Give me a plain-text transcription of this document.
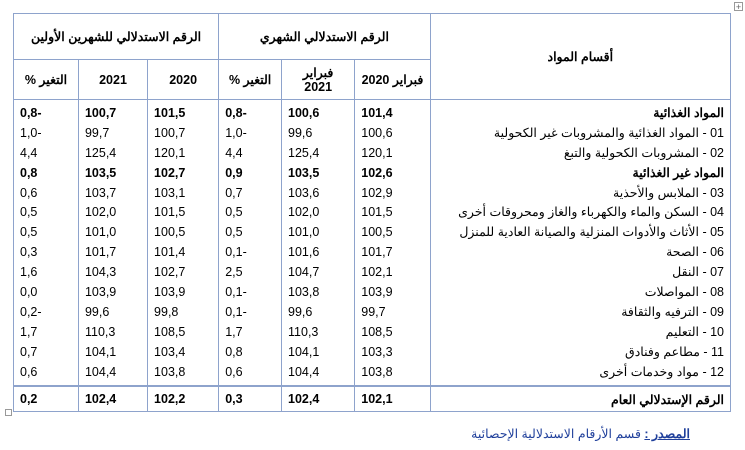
+
أقسام المواد	الرقم الاستدلالي الشهري			الرقم الاستدلالي للشهرين الأولين		
	فبراير 2020	فبراير 2021	التغير %	2020	2021	التغير %
المواد الغذائية	101,4	100,6	-0,8	101,5	100,7	-0,8
01 - المواد الغذائية والمشروبات غير الكحولية	100,6	99,6	-1,0	100,7	99,7	-1,0
02 - المشروبات الكحولية والتبغ	120,1	125,4	4,4	120,1	125,4	4,4
المواد غير الغذائية	102,6	103,5	0,9	102,7	103,5	0,8
03 - الملابس والأحذية	102,9	103,6	0,7	103,1	103,7	0,6
04 - السكن والماء والكهرباء والغاز ومحروقات أخرى	101,5	102,0	0,5	101,5	102,0	0,5
05 - الأثاث والأدوات المنزلية والصيانة العادية للمنزل	100,5	101,0	0,5	100,5	101,0	0,5
06 - الصحة	101,7	101,6	-0,1	101,4	101,7	0,3
07 - النقل	102,1	104,7	2,5	102,7	104,3	1,6
08 - المواصلات	103,9	103,8	-0,1	103,9	103,9	0,0
09 - الترفيه والثقافة	99,7	99,6	-0,1	99,8	99,6	-0,2
10 - التعليم	108,5	110,3	1,7	108,5	110,3	1,7
11 - مطاعم وفنادق	103,3	104,1	0,8	103,4	104,1	0,7
12 - مواد وخدمات أخرى	103,8	104,4	0,6	103,8	104,4	0,6
الرقم الإستدلالي العام	102,1	102,4	0,3	102,2	102,4	0,2
المصدر : قسم الأرقام الاستدلالية الإحصائية
